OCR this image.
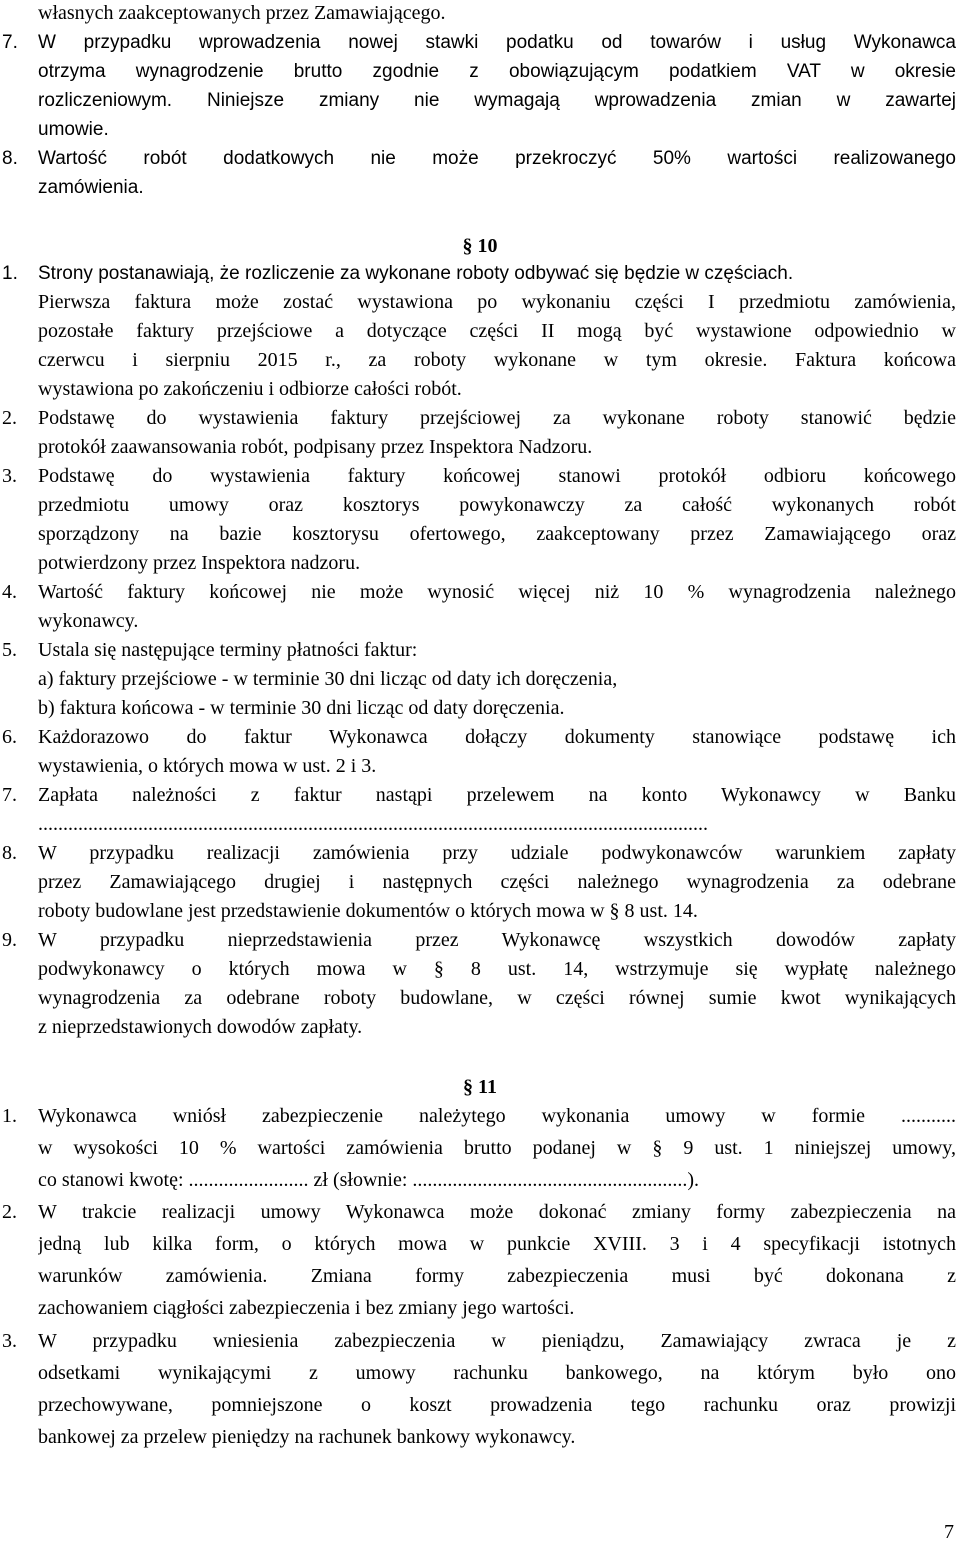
własnych zaakceptowanych przez Zamawiającego.
7.	W przypadku wprowadzenia nowej stawki podatku od towarów i usług Wykonawca
otrzyma wynagrodzenie brutto zgodnie z obowiązującym podatkiem VAT w okresie
rozliczeniowym. Niniejsze zmiany nie wymagają wprowadzenia zmian w zawartej
umowie.
8.	Wartość robót dodatkowych nie może przekroczyć 50% wartości realizowanego
zamówienia.
§ 10
1.	Strony postanawiają, że rozliczenie za wykonane roboty odbywać się będzie w częściach.
Pierwsza faktura może zostać wystawiona po wykonaniu części I przedmiotu zamówienia,
pozostałe faktury przejściowe a dotyczące części II mogą być wystawione odpowiednio w
czerwcu i sierpniu 2015 r., za roboty wykonane w tym okresie. Faktura końcowa
wystawiona po zakończeniu i odbiorze całości robót.
2.	Podstawę do wystawienia faktury przejściowej za wykonane roboty stanowić będzie
protokół zaawansowania robót, podpisany przez Inspektora Nadzoru.
3.	Podstawę do wystawienia faktury końcowej stanowi protokół odbioru końcowego
przedmiotu umowy oraz kosztorys powykonawczy za całość wykonanych robót
sporządzony na bazie kosztorysu ofertowego, zaakceptowany przez Zamawiającego oraz
potwierdzony przez Inspektora nadzoru.
4.	Wartość faktury końcowej nie może wynosić więcej niż 10 % wynagrodzenia należnego
wykonawcy.
5.	Ustala się następujące terminy płatności faktur:
a) faktury przejściowe - w terminie 30 dni licząc od daty ich doręczenia,
b) faktura końcowa - w terminie 30 dni licząc od daty doręczenia.
6.	Każdorazowo do faktur Wykonawca dołączy dokumenty stanowiące podstawę ich
wystawienia, o których mowa w ust. 2 i 3.
7.	Zapłata należności z faktur nastąpi przelewem na konto Wykonawcy w Banku
......................................................................................................................................
8.	W przypadku realizacji zamówienia przy udziale podwykonawców warunkiem zapłaty
przez Zamawiającego drugiej i następnych części należnego wynagrodzenia za odebrane
roboty budowlane jest przedstawienie dokumentów o których mowa w § 8 ust. 14.
9.	W przypadku nieprzedstawienia przez Wykonawcę wszystkich dowodów zapłaty
podwykonawcy o których mowa w § 8 ust. 14, wstrzymuje się wypłatę należnego
wynagrodzenia za odebrane roboty budowlane, w części równej sumie kwot wynikających
z nieprzedstawionych dowodów zapłaty.
§ 11
1.	Wykonawca wniósł zabezpieczenie należytego wykonania umowy w formie ...........
w wysokości 10 % wartości zamówienia brutto podanej w § 9 ust. 1 niniejszej umowy,
co stanowi kwotę: ........................ zł (słownie: .......................................................).
2.	W trakcie realizacji umowy Wykonawca może dokonać zmiany formy zabezpieczenia na
jedną lub kilka form, o których mowa w punkcie XVIII. 3 i 4 specyfikacji istotnych
warunków zamówienia. Zmiana formy zabezpieczenia musi być dokonana z
zachowaniem ciągłości zabezpieczenia i bez zmiany jego wartości.
3.	W przypadku wniesienia zabezpieczenia w pieniądzu, Zamawiający zwraca je z
odsetkami wynikającymi z umowy rachunku bankowego, na którym było ono
przechowywane, pomniejszone o koszt prowadzenia tego rachunku oraz prowizji
bankowej za przelew pieniędzy na rachunek bankowy wykonawcy.
7
